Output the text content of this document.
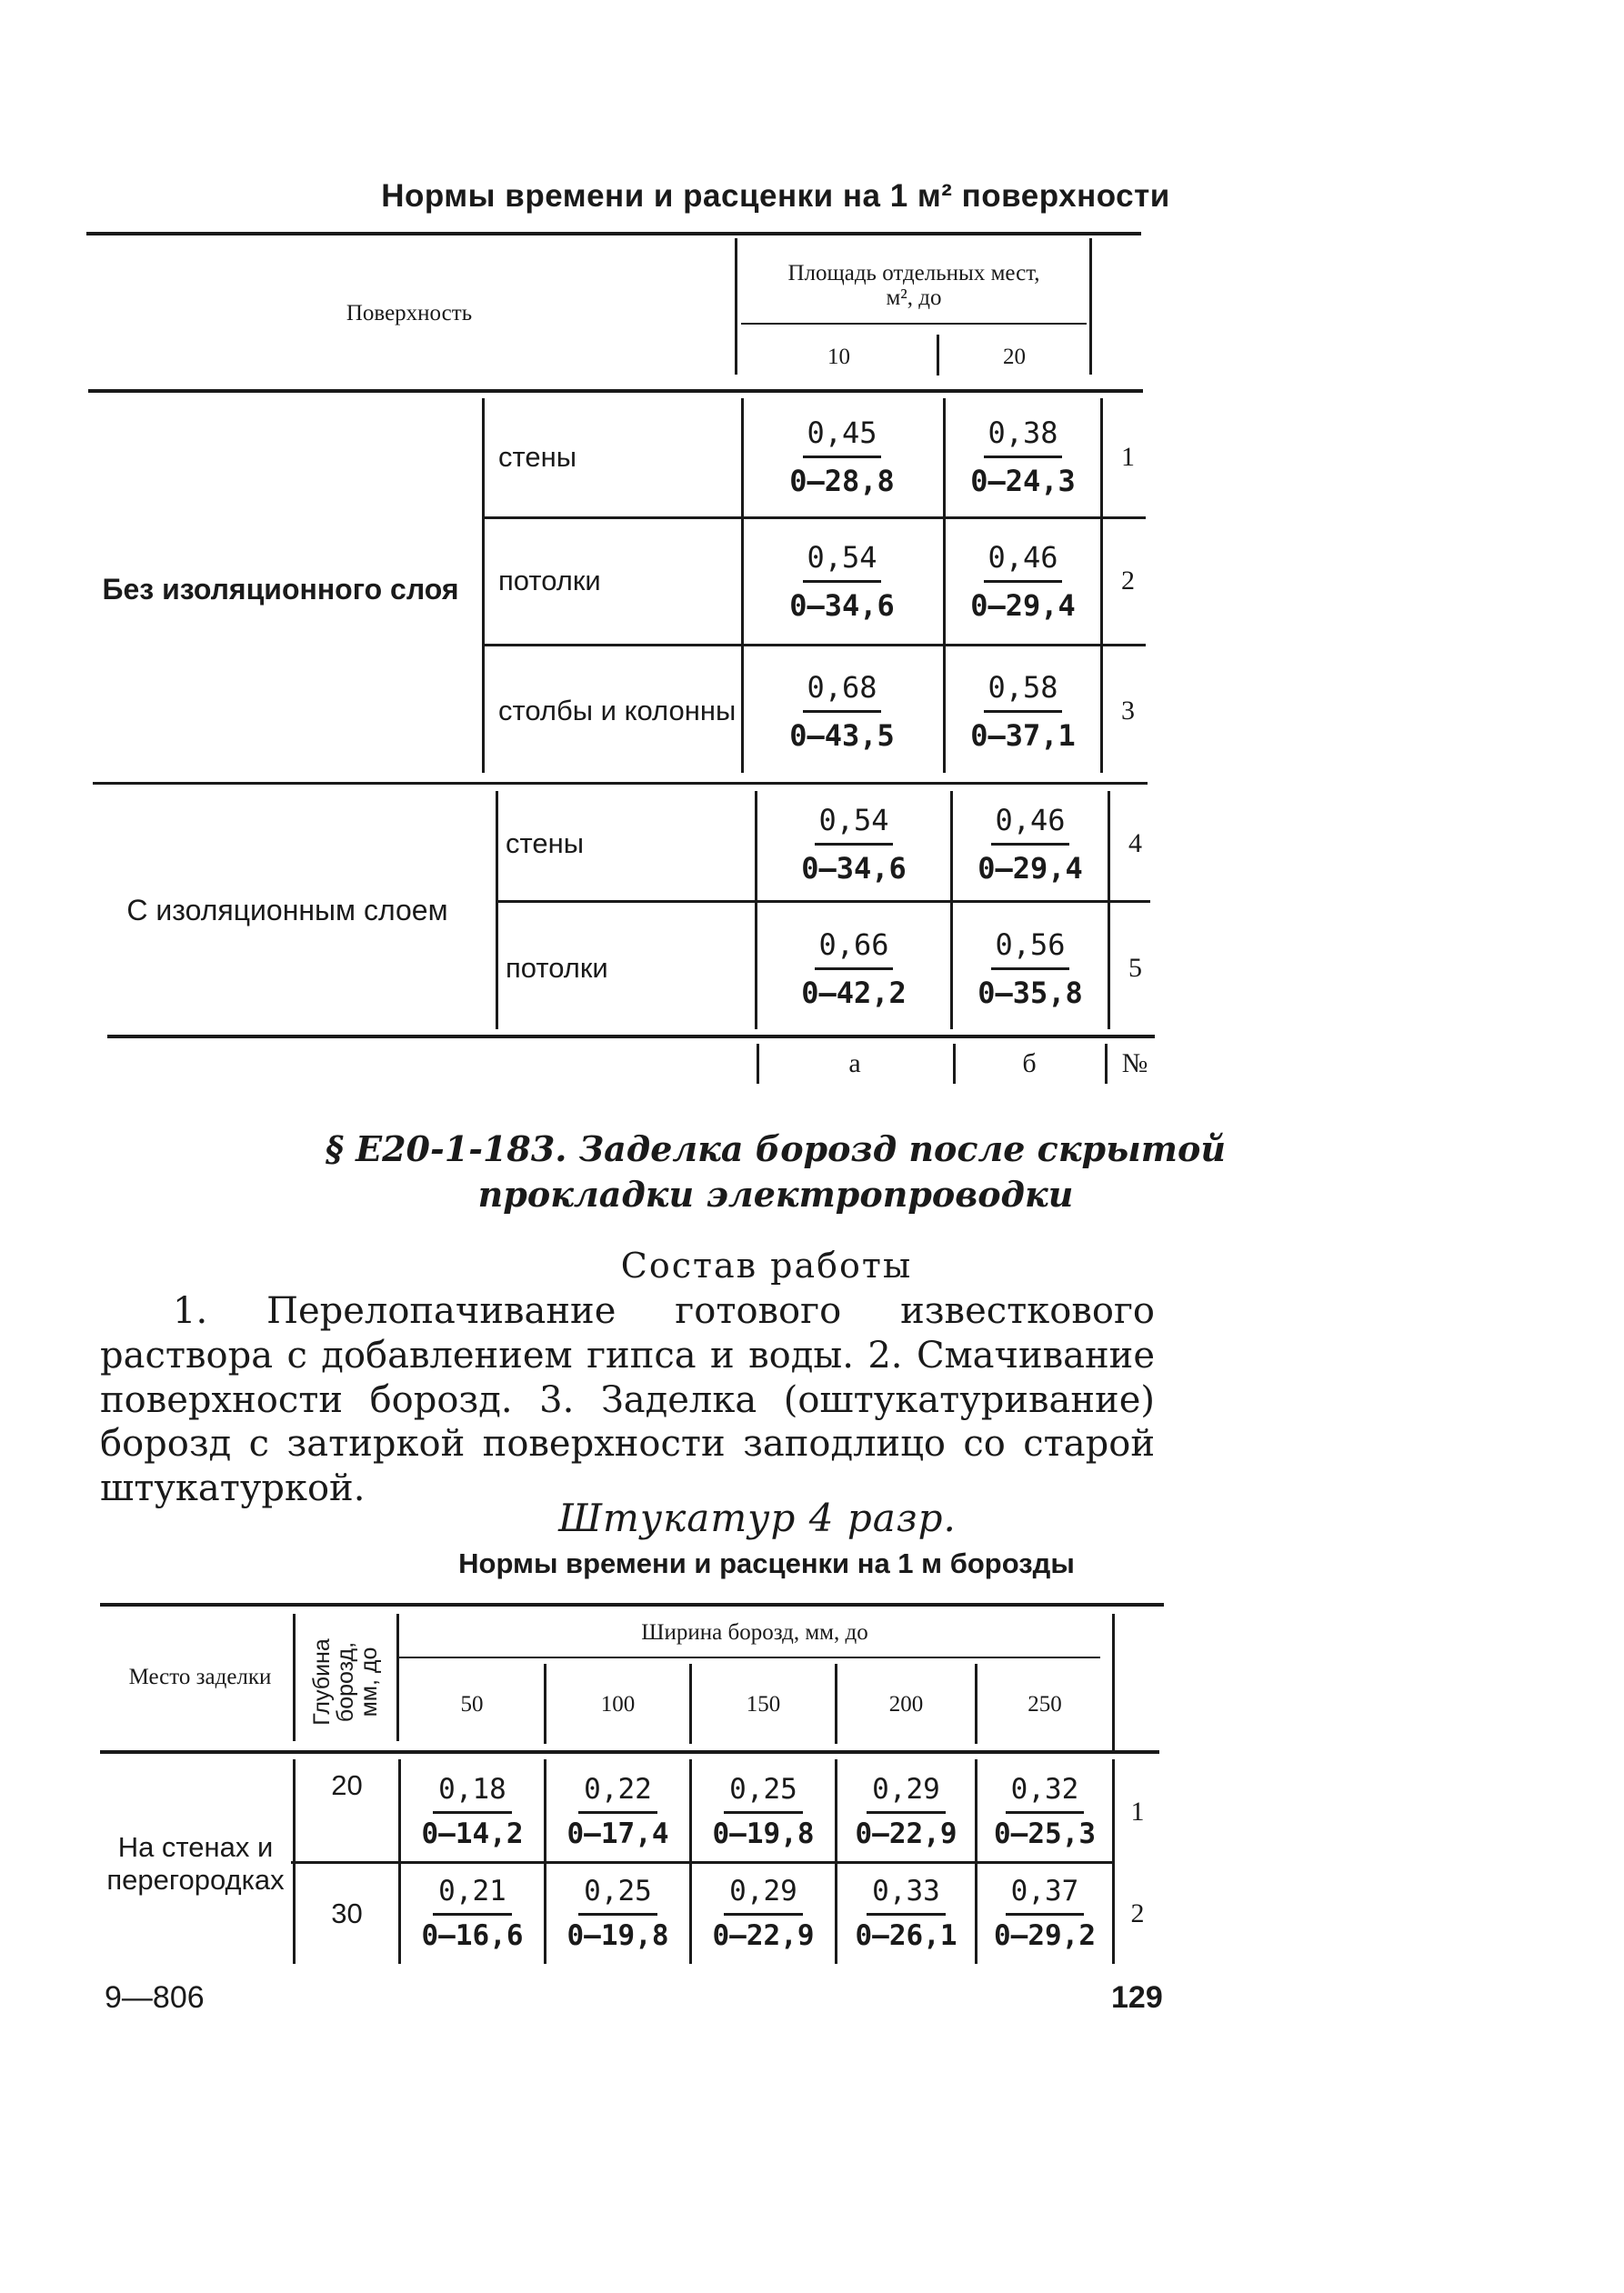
Нормы времени и расценки на 1 м² поверхности
Поверхность
Площадь отдельных мест, м², до
10	20
Без изоляционного слоя
стены	$\frac{0,45}{0—28,8} \frac{0,38}{0—24,3} 1$
потолки	$\frac{0,54}{0—34,6} \frac{0,46}{0—29,4} 2$
столбы и колонны $\frac{0,68}{0—43,5} \frac{0,58}{0—37,1} 3$
С изоляционным слоем
стены	$\frac{0,54}{0—34,6} \frac{0,46}{0—29,4} 4$
потолки	$\frac{0,66}{0—42,2} \frac{0,56}{0—35,8} 5$
а	б	№
§ Е20-1-183. Заделка борозд после скрытой
прокладки электропроводки
Состав работы
1. Перелопачивание готового известкового раствора с добавлением гипса и воды. 2. Смачивание поверхности борозд. 3. Заделка (оштукатуривание) борозд с затиркой поверхности заподлицо со старой штукатуркой.
Штукатур 4 разр.
Нормы времени и расценки на 1 м борозды
Место заделки	Глубина борозд, мм, до
Ширина борозд, мм, до
50	100	150	200	250
На стенах и перегородках
20	$\frac{0,18}{0—14,2} \frac{0,22}{0—17,4} \frac{0,25}{0—19,8} \frac{0,29}{0—22,9} \frac{0,32}{0—25,3} 1$
30	$\frac{0,21}{0—16,6} \frac{0,25}{0—19,8} \frac{0,29}{0—22,9} \frac{0,33}{0—26,1} \frac{0,37}{0—29,2} 2$
9—806	129
